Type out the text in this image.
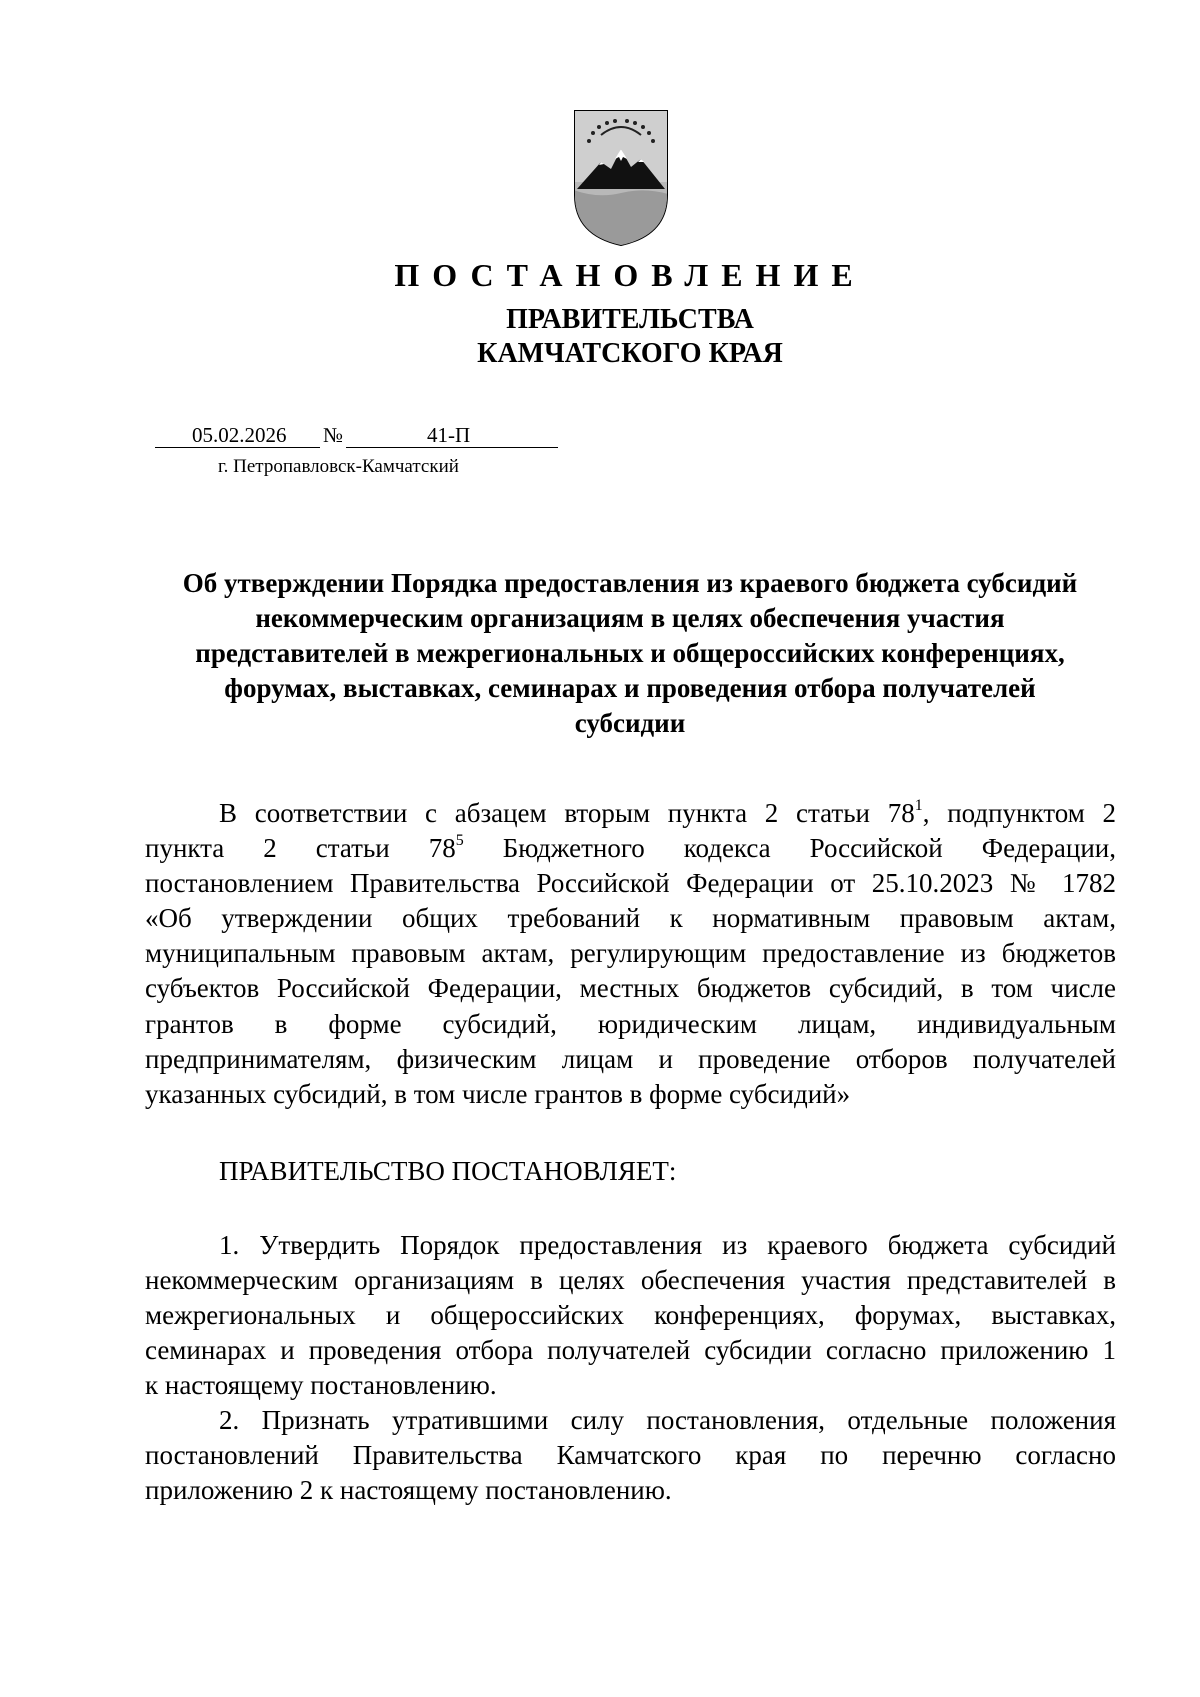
ПОСТАНОВЛЕНИЕ
ПРАВИТЕЛЬСТВА
КАМЧАТСКОГО КРАЯ
05.02.2026 №	41-П
г. Петропавловск-Камчатский
Об утверждении Порядка предоставления из краевого бюджета субсидий
некоммерческим организациям в целях обеспечения участия
представителей в межрегиональных и общероссийских конференциях,
форумах, выставках, семинарах и проведения отбора получателей
субсидии
В соответствии с абзацем вторым пункта 2 статьи $78^1$, подпунктом 2
пункта 2 статьи $78^5$ Бюджетного кодекса Российской Федерации,
постановлением Правительства Российской Федерации от 25.10.2023 № 1782
«Об утверждении общих требований к нормативным правовым актам,
муниципальным правовым актам, регулирующим предоставление из бюджетов
субъектов Российской Федерации, местных бюджетов субсидий, в том числе
грантов в форме субсидий, юридическим лицам, индивидуальным
предпринимателям, физическим лицам и проведение отборов получателей
указанных субсидий, в том числе грантов в форме субсидий»
ПРАВИТЕЛЬСТВО ПОСТАНОВЛЯЕТ:
1. Утвердить Порядок предоставления из краевого бюджета субсидий
некоммерческим организациям в целях обеспечения участия представителей в
межрегиональных и общероссийских конференциях, форумах, выставках,
семинарах и проведения отбора получателей субсидии согласно приложению 1
к настоящему постановлению.
2. Признать утратившими силу постановления, отдельные положения
постановлений Правительства Камчатского края по перечню согласно
приложению 2 к настоящему постановлению.
